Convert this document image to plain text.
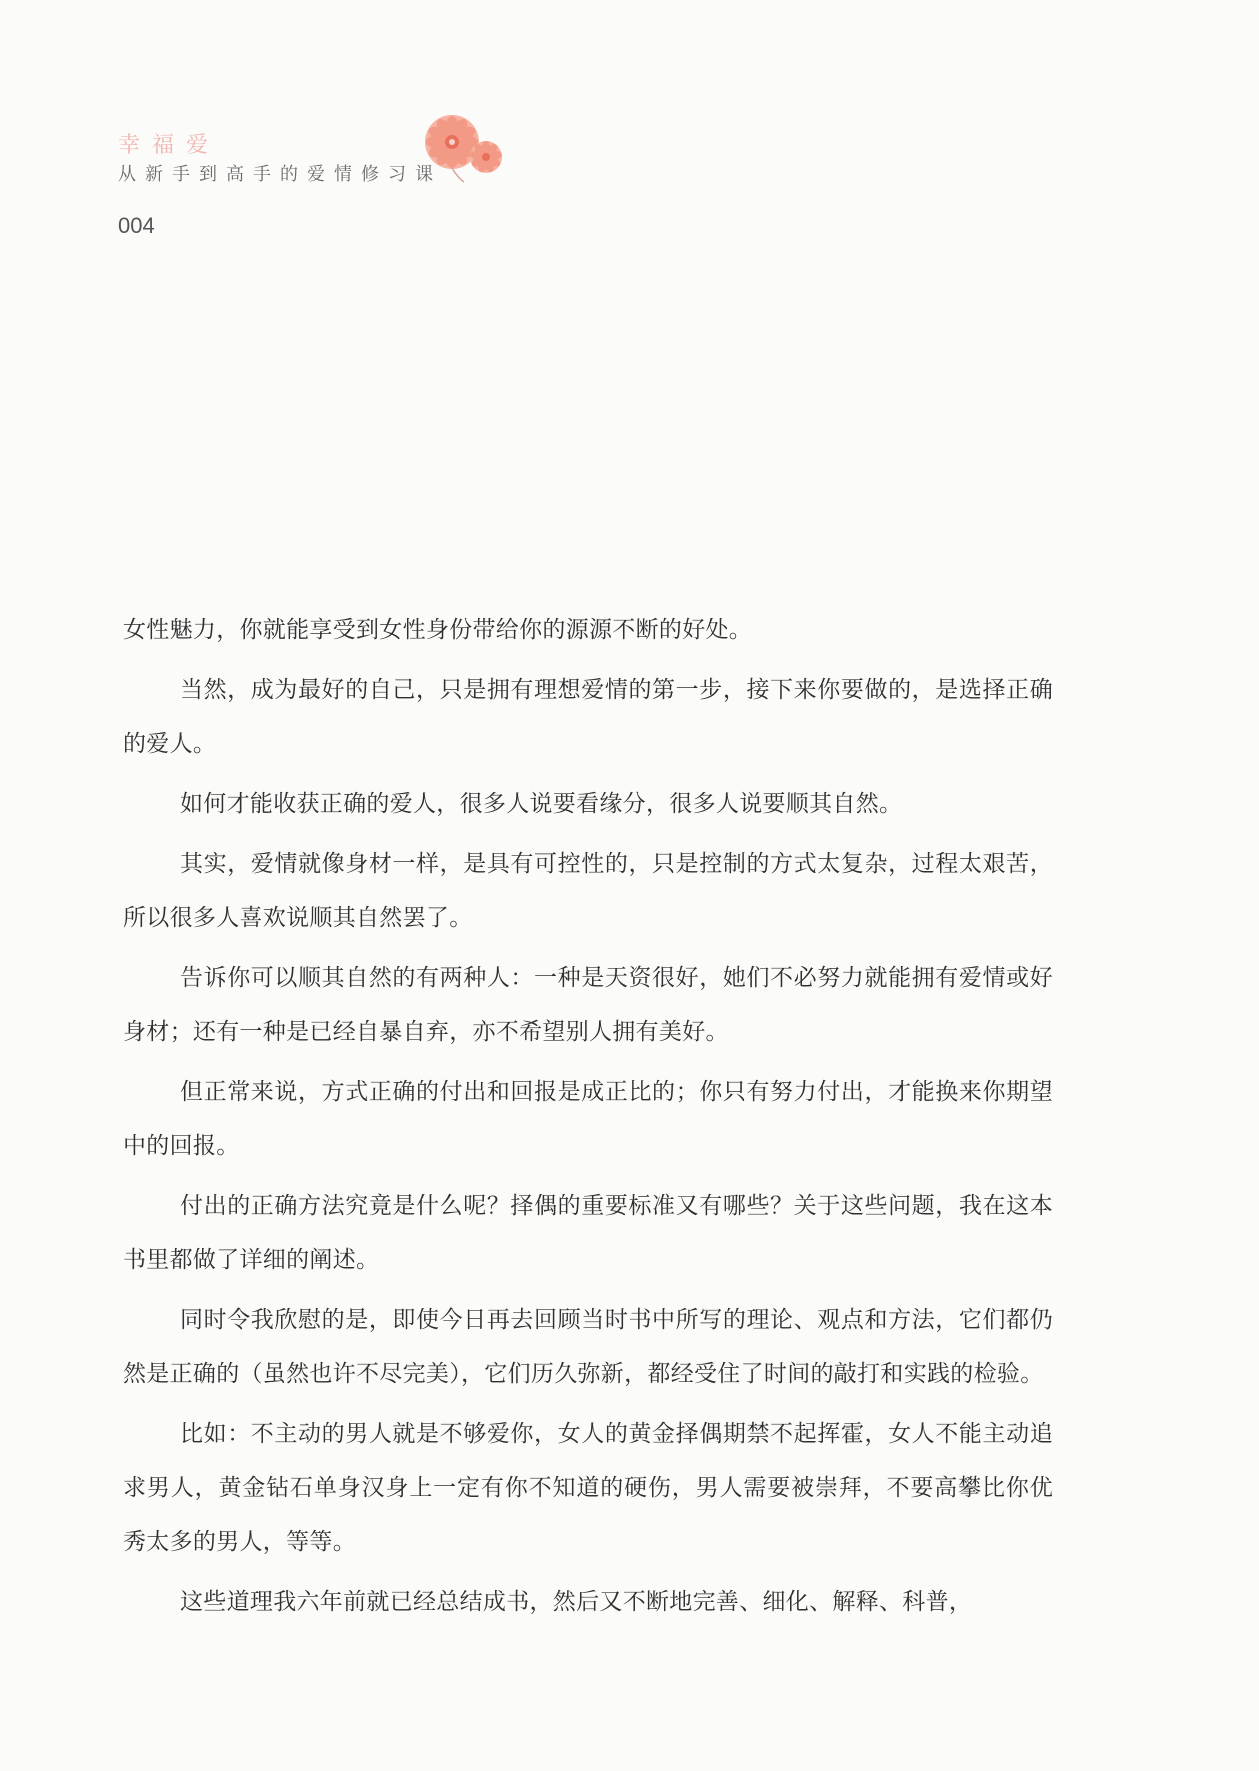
幸福爱
从新手到高手的爱情修习课
004

女性魅力，你就能享受到女性身份带给你的源源不断的好处。

当然，成为最好的自己，只是拥有理想爱情的第一步，接下来你要做的，是选择正确的爱人。

如何才能收获正确的爱人，很多人说要看缘分，很多人说要顺其自然。

其实，爱情就像身材一样，是具有可控性的，只是控制的方式太复杂，过程太艰苦，所以很多人喜欢说顺其自然罢了。

告诉你可以顺其自然的有两种人：一种是天资很好，她们不必努力就能拥有爱情或好身材；还有一种是已经自暴自弃，亦不希望别人拥有美好。

但正常来说，方式正确的付出和回报是成正比的；你只有努力付出，才能换来你期望中的回报。

付出的正确方法究竟是什么呢？择偶的重要标准又有哪些？关于这些问题，我在这本书里都做了详细的阐述。

同时令我欣慰的是，即使今日再去回顾当时书中所写的理论、观点和方法，它们都仍然是正确的（虽然也许不尽完美），它们历久弥新，都经受住了时间的敲打和实践的检验。

比如：不主动的男人就是不够爱你，女人的黄金择偶期禁不起挥霍，女人不能主动追求男人，黄金钻石单身汉身上一定有你不知道的硬伤，男人需要被崇拜，不要高攀比你优秀太多的男人，等等。

这些道理我六年前就已经总结成书，然后又不断地完善、细化、解释、科普，
